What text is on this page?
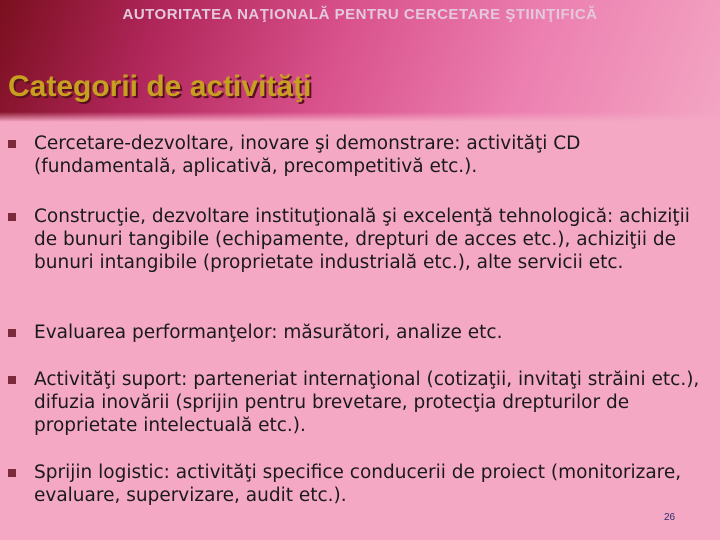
AUTORITATEA NAŢIONALĂ PENTRU CERCETARE ŞTIINŢIFICĂ
Categorii de activităţi
Cercetare-dezvoltare, inovare şi demonstrare: activităţi CD (fundamentală, aplicativă, precompetitivă etc.).
Construcţie, dezvoltare instituţională şi excelenţă tehnologică: achiziţii de bunuri tangibile (echipamente, drepturi de acces etc.), achiziţii de bunuri intangibile (proprietate industrială etc.), alte servicii etc.
Evaluarea performanţelor: măsurători, analize etc.
Activităţi suport: parteneriat internaţional (cotizaţii, invitaţi străini etc.), difuzia inovării (sprijin pentru brevetare, protecţia drepturilor de proprietate intelectuală etc.).
Sprijin logistic: activităţi specifice conducerii de proiect (monitorizare, evaluare, supervizare, audit etc.).
26
